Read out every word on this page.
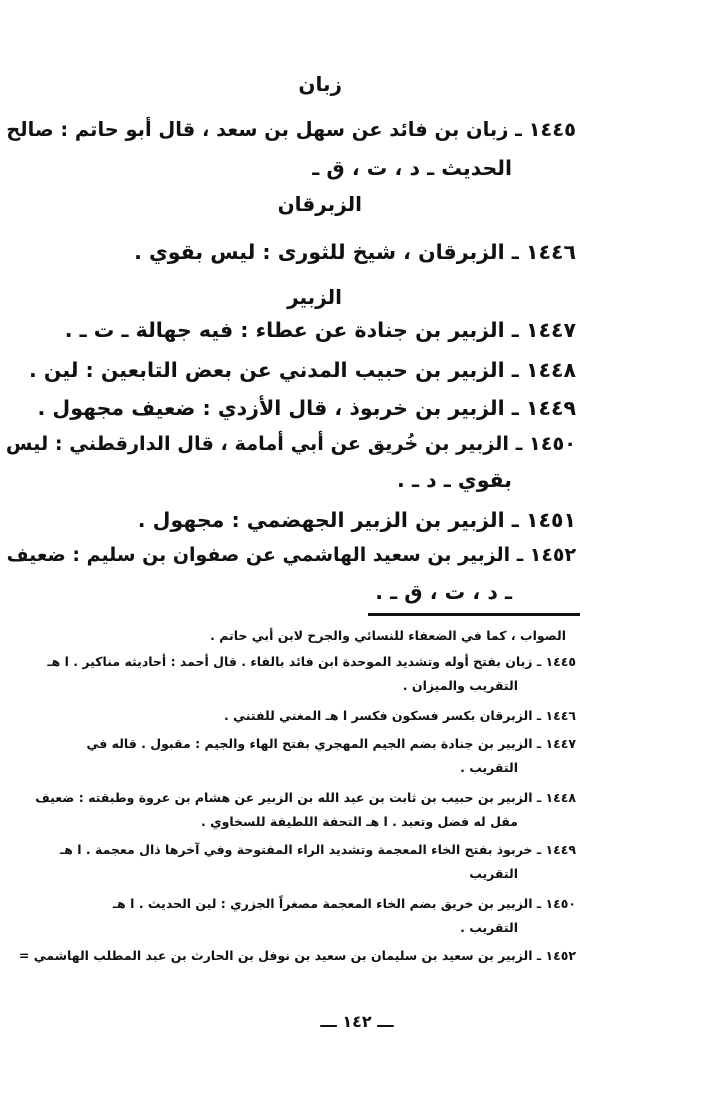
زبان
١٤٤٥ ـ زبان بن فائد عن سهل بن سعد ، قال أبو حاتم : صالح
الحديث ـ د ، ت ، ق ـ
الزبرقان
١٤٤٦ ـ الزبرقان ، شيخ للثورى : ليس بقوي .
الزبير
١٤٤٧ ـ الزبير بن جنادة عن عطاء : فيه جهالة ـ ت ـ .
١٤٤٨ ـ الزبير بن حبيب المدني عن بعض التابعين : لين .
١٤٤٩ ـ الزبير بن خربوذ ، قال الأزدي : ضعيف مجهول .
١٤٥٠ ـ الزبير بن خُريق عن أبي أمامة ، قال الدارقطني : ليس
بقوي ـ د ـ .
١٤٥١ ـ الزبير بن الزبير الجهضمي : مجهول .
١٤٥٢ ـ الزبير بن سعيد الهاشمي عن صفوان بن سليم : ضعيف
ـ د ، ت ، ق ـ .
الصواب ، كما في الضعفاء للنسائي والجرح لابن أبي حاتم .
١٤٤٥ ـ زبان بفتح أوله وتشديد الموحدة ابن فائد بالفاء . قال أحمد : أحاديثه مناكير . ا هـ
التقريب والميزان .
١٤٤٦ ـ الزبرقان بكسر فسكون فكسر ا هـ المغني للفتني .
١٤٤٧ ـ الزبير بن جنادة بضم الجيم المهجري بفتح الهاء والجيم : مقبول . قاله في
التقريب .
١٤٤٨ ـ الزبير بن حبيب بن ثابت بن عبد الله بن الزبير عن هشام بن عروة وطبقته : ضعيف
مقل له فضل وتعبد . ا هـ التحفة اللطيفة للسخاوي .
١٤٤٩ ـ خربوذ بفتح الخاء المعجمة وتشديد الراء المفتوحة وفي آخرها ذال معجمة . ا هـ
التقريب
١٤٥٠ ـ الزبير بن خريق بضم الخاء المعجمة مصغراً الجزري : لين الحديث . ا هـ
التقريب .
١٤٥٢ ـ الزبير بن سعيد بن سليمان بن سعيد بن نوفل بن الحارث بن عبد المطلب الهاشمي =
ـــ ١٤٢ ـــ
